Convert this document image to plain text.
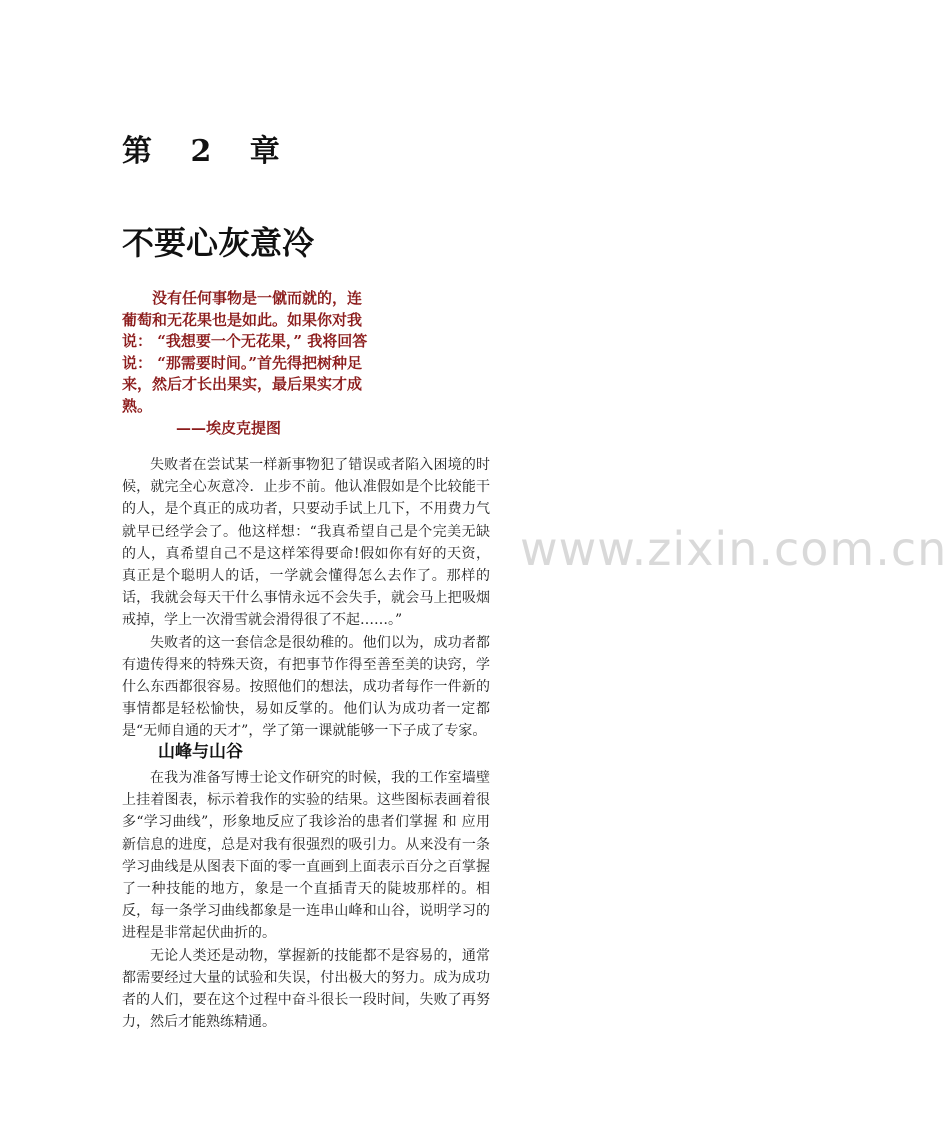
www.zixin.com.cn
第 2 章
不要心灰意冷

没有任何事物是一僦而就的，连葡萄和无花果也是如此。如果你对我说： “我想要一个无花果，” 我将回答说： “那需要时间。”首先得把树种足来，然后才长出果实，最后果实才成熟。

——埃皮克提图

失败者在尝试某一样新事物犯了错误或者陷入困境的时候，就完全心灰意冷．止步不前。他认准假如是个比较能干的人，是个真正的成功者，只要动手试上几下，不用费力气就早已经学会了。他这样想：“我真希望自己是个完美无缺的人，真希望自己不是这样笨得要命!假如你有好的天资，真正是个聪明人的话，一学就会懂得怎么去作了。那样的话，我就会每天干什么事情永远不会失手，就会马上把吸烟戒掉，学上一次滑雪就会滑得很了不起……。”

失败者的这一套信念是很幼稚的。他们以为，成功者都有遗传得来的特殊天资，有把事节作得至善至美的诀窍，学什么东西都很容易。按照他们的想法，成功者每作一件新的事情都是轻松愉快，易如反掌的。他们认为成功者一定都是“无师自通的天才”，学了第一课就能够一下子成了专家。

山峰与山谷

在我为准备写博士论文作研究的时候，我的工作室墙壁上挂着图表，标示着我作的实验的结果。这些图标表画着很多“学习曲线”，形象地反应了我诊治的患者们掌握 和 应用新信息的进度，总是对我有很强烈的吸引力。从来没有一条学习曲线是从图表下面的零一直画到上面表示百分之百掌握了一种技能的地方，象是一个直插青天的陡坡那样的。相反，每一条学习曲线都象是一连串山峰和山谷，说明学习的进程是非常起伏曲折的。

无论人类还是动物，掌握新的技能都不是容易的，通常都需要经过大量的试验和失误，付出极大的努力。成为成功者的人们，要在这个过程中奋斗很长一段时间，失败了再努力，然后才能熟练精通。
